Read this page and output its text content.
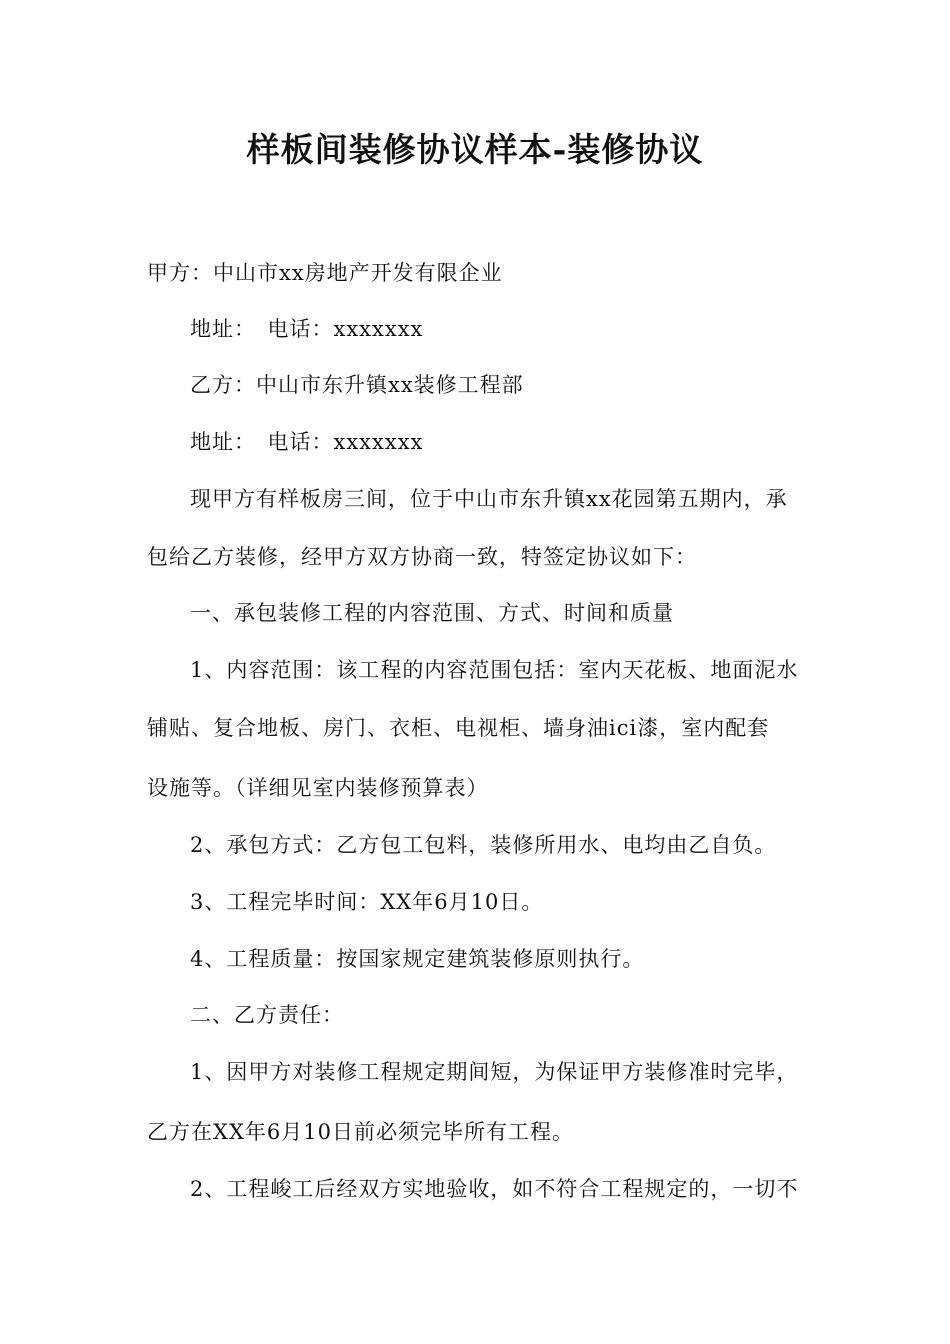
样板间装修协议样本-装修协议
甲方：中山市xx房地产开发有限企业
地址：　电话：xxxxxxx
乙方：中山市东升镇xx装修工程部
地址：　电话：xxxxxxx
现甲方有样板房三间，位于中山市东升镇xx花园第五期内，承
包给乙方装修，经甲方双方协商一致，特签定协议如下：
一、承包装修工程的内容范围、方式、时间和质量
1、内容范围：该工程的内容范围包括：室内天花板、地面泥水
铺贴、复合地板、房门、衣柜、电视柜、墙身油ici漆，室内配套
设施等。（详细见室内装修预算表）
2、承包方式：乙方包工包料，装修所用水、电均由乙自负。
3、工程完毕时间：XX年6月10日。
4、工程质量：按国家规定建筑装修原则执行。
二、乙方责任：
1、因甲方对装修工程规定期间短，为保证甲方装修准时完毕，
乙方在XX年6月10日前必须完毕所有工程。
2、工程峻工后经双方实地验收，如不符合工程规定的，一切不
